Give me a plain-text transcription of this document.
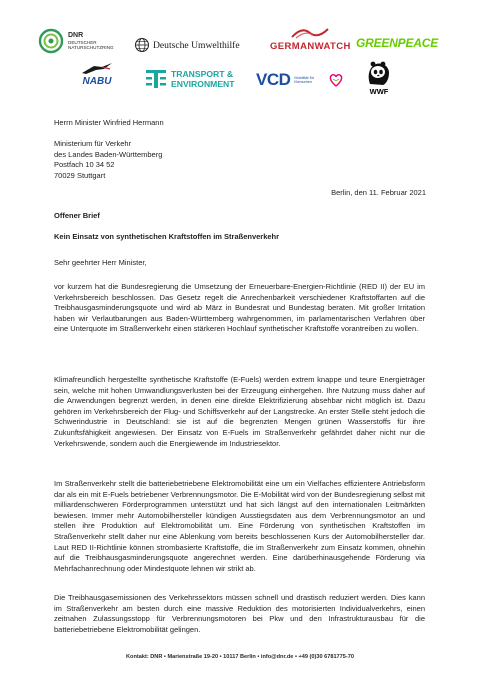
DNR
DEUTSCHER
NATURSCHUTZRING	Deutsche Umwelthilfe	GERMANWATCH GREENPEACE
NABU
TRANSPORT &
ENVIRONMENT VCD Mobilität für Menschen
WWF
Herrn Minister Winfried Hermann
Ministerium für Verkehr
des Landes Baden-Württemberg
Postfach 10 34 52
70029 Stuttgart
Berlin, den 11. Februar 2021
Offener Brief
Kein Einsatz von synthetischen Kraftstoffen im Straßenverkehr
Sehr geehrter Herr Minister,

vor kurzem hat die Bundesregierung die Umsetzung der Erneuerbare-Energien-Richtlinie (RED II) der EU im Verkehrsbereich beschlossen. Das Gesetz regelt die Anrechenbarkeit verschiedener Kraftstoffarten auf die Treibhausgasminderungsquote und wird ab März in Bundesrat und Bundestag beraten. Mit großer Irritation haben wir Verlautbarungen aus Baden-Württemberg wahrgenommen, im parlamentarischen Verfahren über eine Unterquote im Straßenverkehr einen stärkeren Hochlauf synthetischer Kraftstoffe vorantreiben zu wollen.

Klimafreundlich hergestellte synthetische Kraftstoffe (E-Fuels) werden extrem knappe und teure Energieträger sein, welche mit hohen Umwandlungsverlusten bei der Erzeugung einhergehen. Ihre Nutzung muss daher auf die Anwendungen begrenzt werden, in denen eine direkte Elektrifizierung absehbar nicht möglich ist. Dazu gehören im Verkehrsbereich der Flug- und Schiffsverkehr auf der Langstrecke. An erster Stelle steht jedoch die Schwerindustrie in Deutschland: sie ist auf die begrenzten Mengen grünen Wasserstoffs für ihre Zukunftsfähigkeit angewiesen. Der Einsatz von E-Fuels im Straßenverkehr gefährdet daher nicht nur die Verkehrswende, sondern auch die Energiewende im Industriesektor.

Im Straßenverkehr stellt die batteriebetriebene Elektromobilität eine um ein Vielfaches effizientere Antriebsform dar als ein mit E-Fuels betriebener Verbrennungsmotor. Die E-Mobilität wird von der Bundesregierung selbst mit milliardenschweren Förderprogrammen unterstützt und hat sich längst auf den internationalen Leitmärkten bewiesen. Immer mehr Automobilhersteller kündigen Ausstiegsdaten aus dem Verbrennungsmotor an und stellen ihre Produktion auf Elektromobilität um. Eine Förderung von synthetischen Kraftstoffen im Straßenverkehr stellt daher nur eine Ablenkung vom bereits beschlossenen Kurs der Automobilhersteller dar. Laut RED II-Richtlinie können strombasierte Kraftstoffe, die im Straßenverkehr zum Einsatz kommen, ohnehin auf die Treibhausgasminderungsquote angerechnet werden. Eine darüberhinausgehende Förderung via Mehrfachanrechnung oder Mindestquote lehnen wir strikt ab.

Die Treibhausgasemissionen des Verkehrssektors müssen schnell und drastisch reduziert werden. Dies kann im Straßenverkehr am besten durch eine massive Reduktion des motorisierten Individualverkehrs, einen zeitnahen Zulassungsstopp für Verbrennungsmotoren bei Pkw und den Infrastrukturausbau für die batteriebetriebene Elektromobilität gelingen.

Kontakt: DNR • Marienstraße 19-20 • 10117 Berlin • info@dnr.de • +49 (0)30 6781775-70
